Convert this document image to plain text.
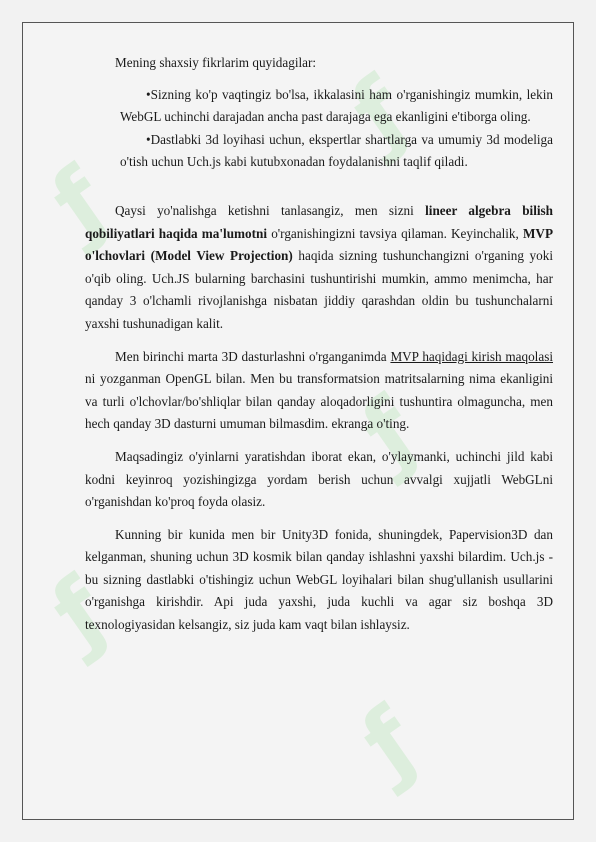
ƒ
ƒ
ƒ
ƒ
ƒ

Mening shaxsiy fikrlarim quyidagilar:

•Sizning ko'p vaqtingiz bo'lsa, ikkalasini ham o'rganishingiz mumkin, lekin WebGL uchinchi darajadan ancha past darajaga ega ekanligini e'tiborga oling.
•Dastlabki 3d loyihasi uchun, ekspertlar shartlarga va umumiy 3d modeliga o'tish uchun Uch.js kabi kutubxonadan foydalanishni taqlif qiladi.

Qaysi yo'nalishga ketishni tanlasangiz, men sizni lineer algebra bilish qobiliyatlari haqida ma'lumotni o'rganishingizni tavsiya qilaman. Keyinchalik, MVP o'lchovlari (Model View Projection) haqida sizning tushunchangizni o'rganing yoki o'qib oling. Uch.JS bularning barchasini tushuntirishi mumkin, ammo menimcha, har qanday 3 o'lchamli rivojlanishga nisbatan jiddiy qarashdan oldin bu tushunchalarni yaxshi tushunadigan kalit.

Men birinchi marta 3D dasturlashni o'rganganimda MVP haqidagi kirish maqolasi ni yozganman OpenGL bilan. Men bu transformatsion matritsalarning nima ekanligini va turli o'lchovlar/bo'shliqlar bilan qanday aloqadorligini tushuntira olmaguncha, men hech qanday 3D dasturni umuman bilmasdim. ekranga o'ting.

Maqsadingiz o'yinlarni yaratishdan iborat ekan, o'ylaymanki, uchinchi jild kabi kodni keyinroq yozishingizga yordam berish uchun avvalgi xujjatli WebGLni o'rganishdan ko'proq foyda olasiz.

Kunning bir kunida men bir Unity3D fonida, shuningdek, Papervision3D dan kelganman, shuning uchun 3D kosmik bilan qanday ishlashni yaxshi bilardim. Uch.js - bu sizning dastlabki o'tishingiz uchun WebGL loyihalari bilan shug'ullanish usullarini o'rganishga kirishdir. Api juda yaxshi, juda kuchli va agar siz boshqa 3D texnologiyasidan kelsangiz, siz juda kam vaqt bilan ishlaysiz.
